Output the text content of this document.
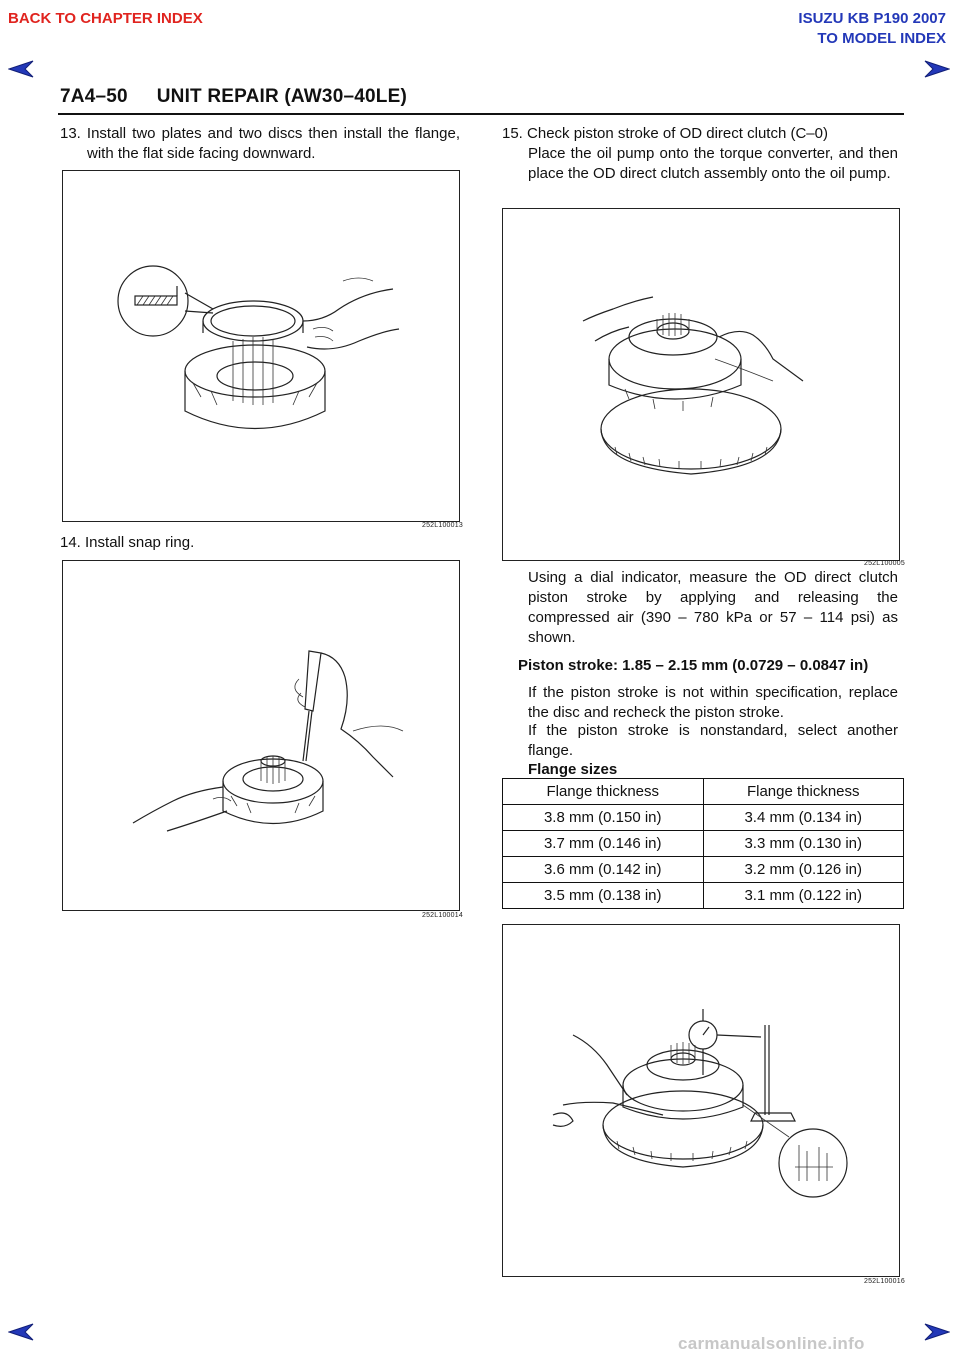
BACK TO CHAPTER INDEX	ISUZU KB P190 2007
TO MODEL INDEX
7A4–50 UNIT REPAIR (AW30–40LE)
13. Install two plates and two discs then install the flange, with the flat side facing downward.
252L100013
14. Install snap ring.
252L100014
15. Check piston stroke of OD direct clutch (C–0)
Place the oil pump onto the torque converter, and then place the OD direct clutch assembly onto the oil pump.
252L100005
Using a dial indicator, measure the OD direct clutch piston stroke by applying and releasing the compressed air (390 – 780 kPa or 57 – 114 psi) as shown.
Piston stroke: 1.85 – 2.15 mm (0.0729 – 0.0847 in)
If the piston stroke is not within specification, replace the disc and recheck the piston stroke.
If the piston stroke is nonstandard, select another flange.
Flange sizes
Flange thickness	Flange thickness
3.8 mm (0.150 in)	3.4 mm (0.134 in)
3.7 mm (0.146 in)	3.3 mm (0.130 in)
3.6 mm (0.142 in)	3.2 mm (0.126 in)
3.5 mm (0.138 in)	3.1 mm (0.122 in)
252L100016
carmanualsonline.info
